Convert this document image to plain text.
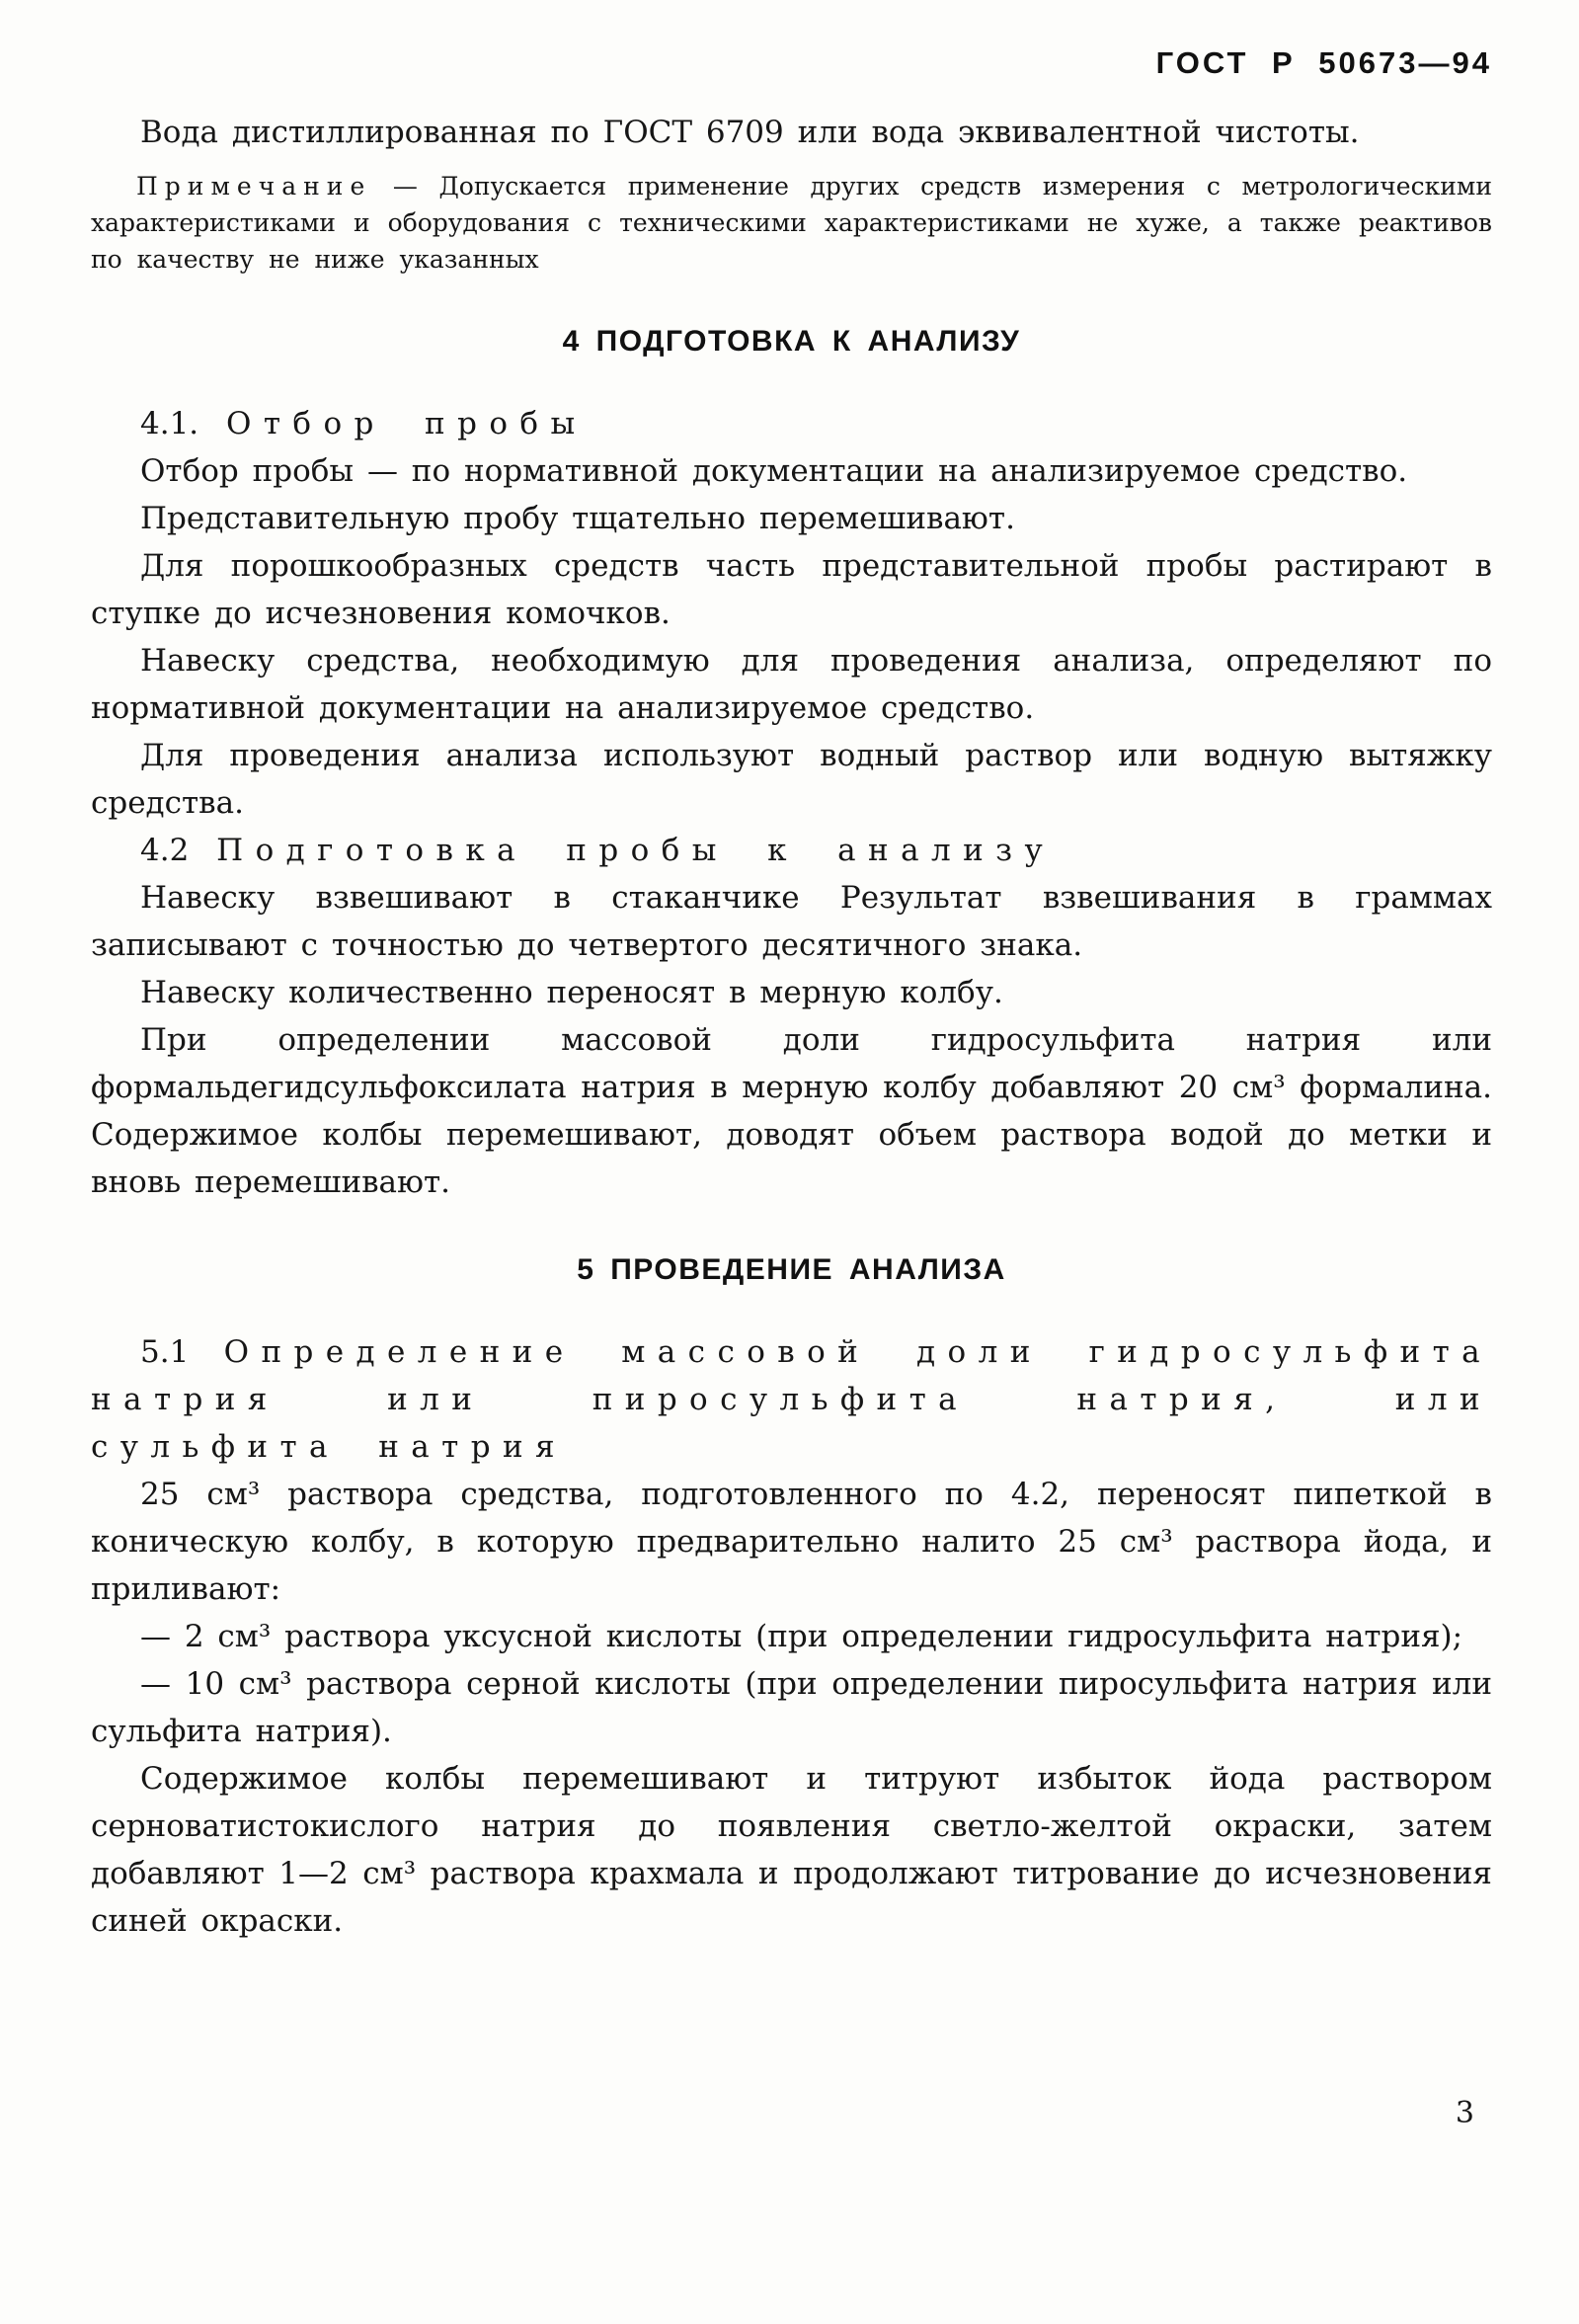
ГОСТ Р 50673—94

Вода дистиллированная по ГОСТ 6709 или вода эквивалентной чистоты.

Примечание — Допускается применение других средств измерения с метрологическими характеристиками и оборудования с техническими характеристиками не хуже, а также реактивов по качеству не ниже указанных

4 ПОДГОТОВКА К АНАЛИЗУ

4.1. Отбор пробы

Отбор пробы — по нормативной документации на анализируемое средство.

Представительную пробу тщательно перемешивают.

Для порошкообразных средств часть представительной пробы растирают в ступке до исчезновения комочков.

Навеску средства, необходимую для проведения анализа, определяют по нормативной документации на анализируемое средство.

Для проведения анализа используют водный раствор или водную вытяжку средства.

4.2 Подготовка пробы к анализу

Навеску взвешивают в стаканчике Результат взвешивания в граммах записывают с точностью до четвертого десятичного знака.

Навеску количественно переносят в мерную колбу.

При определении массовой доли гидросульфита натрия или формальдегидсульфоксилата натрия в мерную колбу добавляют 20 см³ формалина. Содержимое колбы перемешивают, доводят объем раствора водой до метки и вновь перемешивают.

5 ПРОВЕДЕНИЕ АНАЛИЗА

5.1 Определение массовой доли гидросульфита натрия или пиросульфита натрия, или сульфита натрия

25 см³ раствора средства, подготовленного по 4.2, переносят пипеткой в коническую колбу, в которую предварительно налито 25 см³ раствора йода, и приливают:

— 2 см³ раствора уксусной кислоты (при определении гидросульфита натрия);

— 10 см³ раствора серной кислоты (при определении пиросульфита натрия или сульфита натрия).

Содержимое колбы перемешивают и титруют избыток йода раствором серноватистокислого натрия до появления светло-желтой окраски, затем добавляют 1—2 см³ раствора крахмала и продолжают титрование до исчезновения синей окраски.

3
